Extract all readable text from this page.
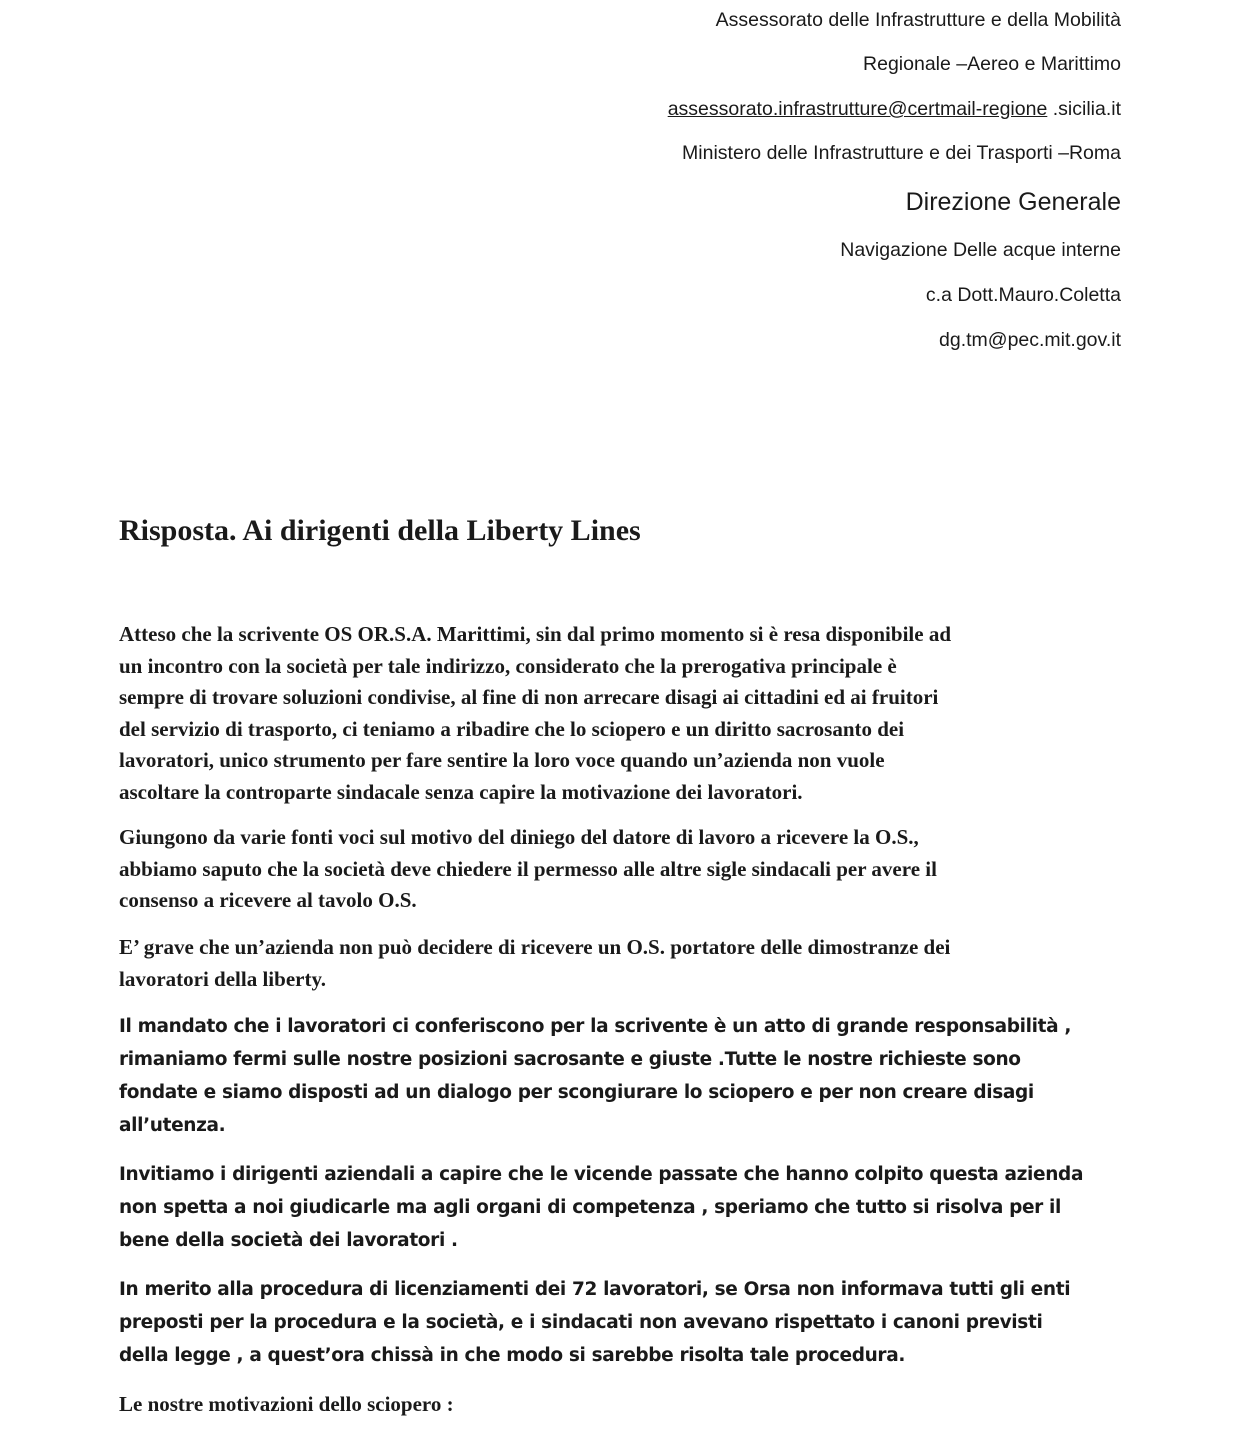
Assessorato delle Infrastrutture e della Mobilità
Regionale –Aereo e Marittimo
assessorato.infrastrutture@certmail-regione .sicilia.it
Ministero delle Infrastrutture e dei Trasporti –Roma
Direzione Generale
Navigazione Delle acque interne
c.a Dott.Mauro.Coletta
dg.tm@pec.mit.gov.it
Risposta. Ai dirigenti della Liberty Lines
Atteso che la scrivente OS OR.S.A. Marittimi, sin dal primo momento si è resa disponibile ad
un incontro con la società per tale indirizzo, considerato che la prerogativa principale è
sempre di trovare soluzioni condivise, al fine di non arrecare disagi ai cittadini ed ai fruitori
del servizio di trasporto, ci teniamo a ribadire che lo sciopero e un diritto sacrosanto dei
lavoratori, unico strumento per fare sentire la loro voce quando un’azienda non vuole
ascoltare la controparte sindacale senza capire la motivazione dei lavoratori.
Giungono da varie fonti voci sul motivo del diniego del datore di lavoro a ricevere la O.S.,
abbiamo saputo che la società deve chiedere il permesso alle altre sigle sindacali per avere il
consenso a ricevere al tavolo O.S.
E’ grave che un’azienda non può decidere di ricevere un O.S. portatore delle dimostranze dei
lavoratori della liberty.
Il mandato che i lavoratori ci conferiscono per la scrivente è un atto di grande responsabilità ,
rimaniamo fermi sulle nostre posizioni sacrosante e giuste .Tutte le nostre richieste sono
fondate e siamo disposti ad un dialogo per scongiurare lo sciopero e per non creare disagi
all’utenza.
Invitiamo i dirigenti aziendali a capire che le vicende passate che hanno colpito questa azienda
non spetta a noi giudicarle ma agli organi di competenza , speriamo che tutto si risolva per il
bene della società dei lavoratori .
In merito alla procedura di licenziamenti dei 72 lavoratori, se Orsa non informava tutti gli enti
preposti per la procedura e la società, e i sindacati non avevano rispettato i canoni previsti
della legge , a quest’ora chissà in che modo si sarebbe risolta tale procedura.
Le nostre motivazioni dello sciopero :
